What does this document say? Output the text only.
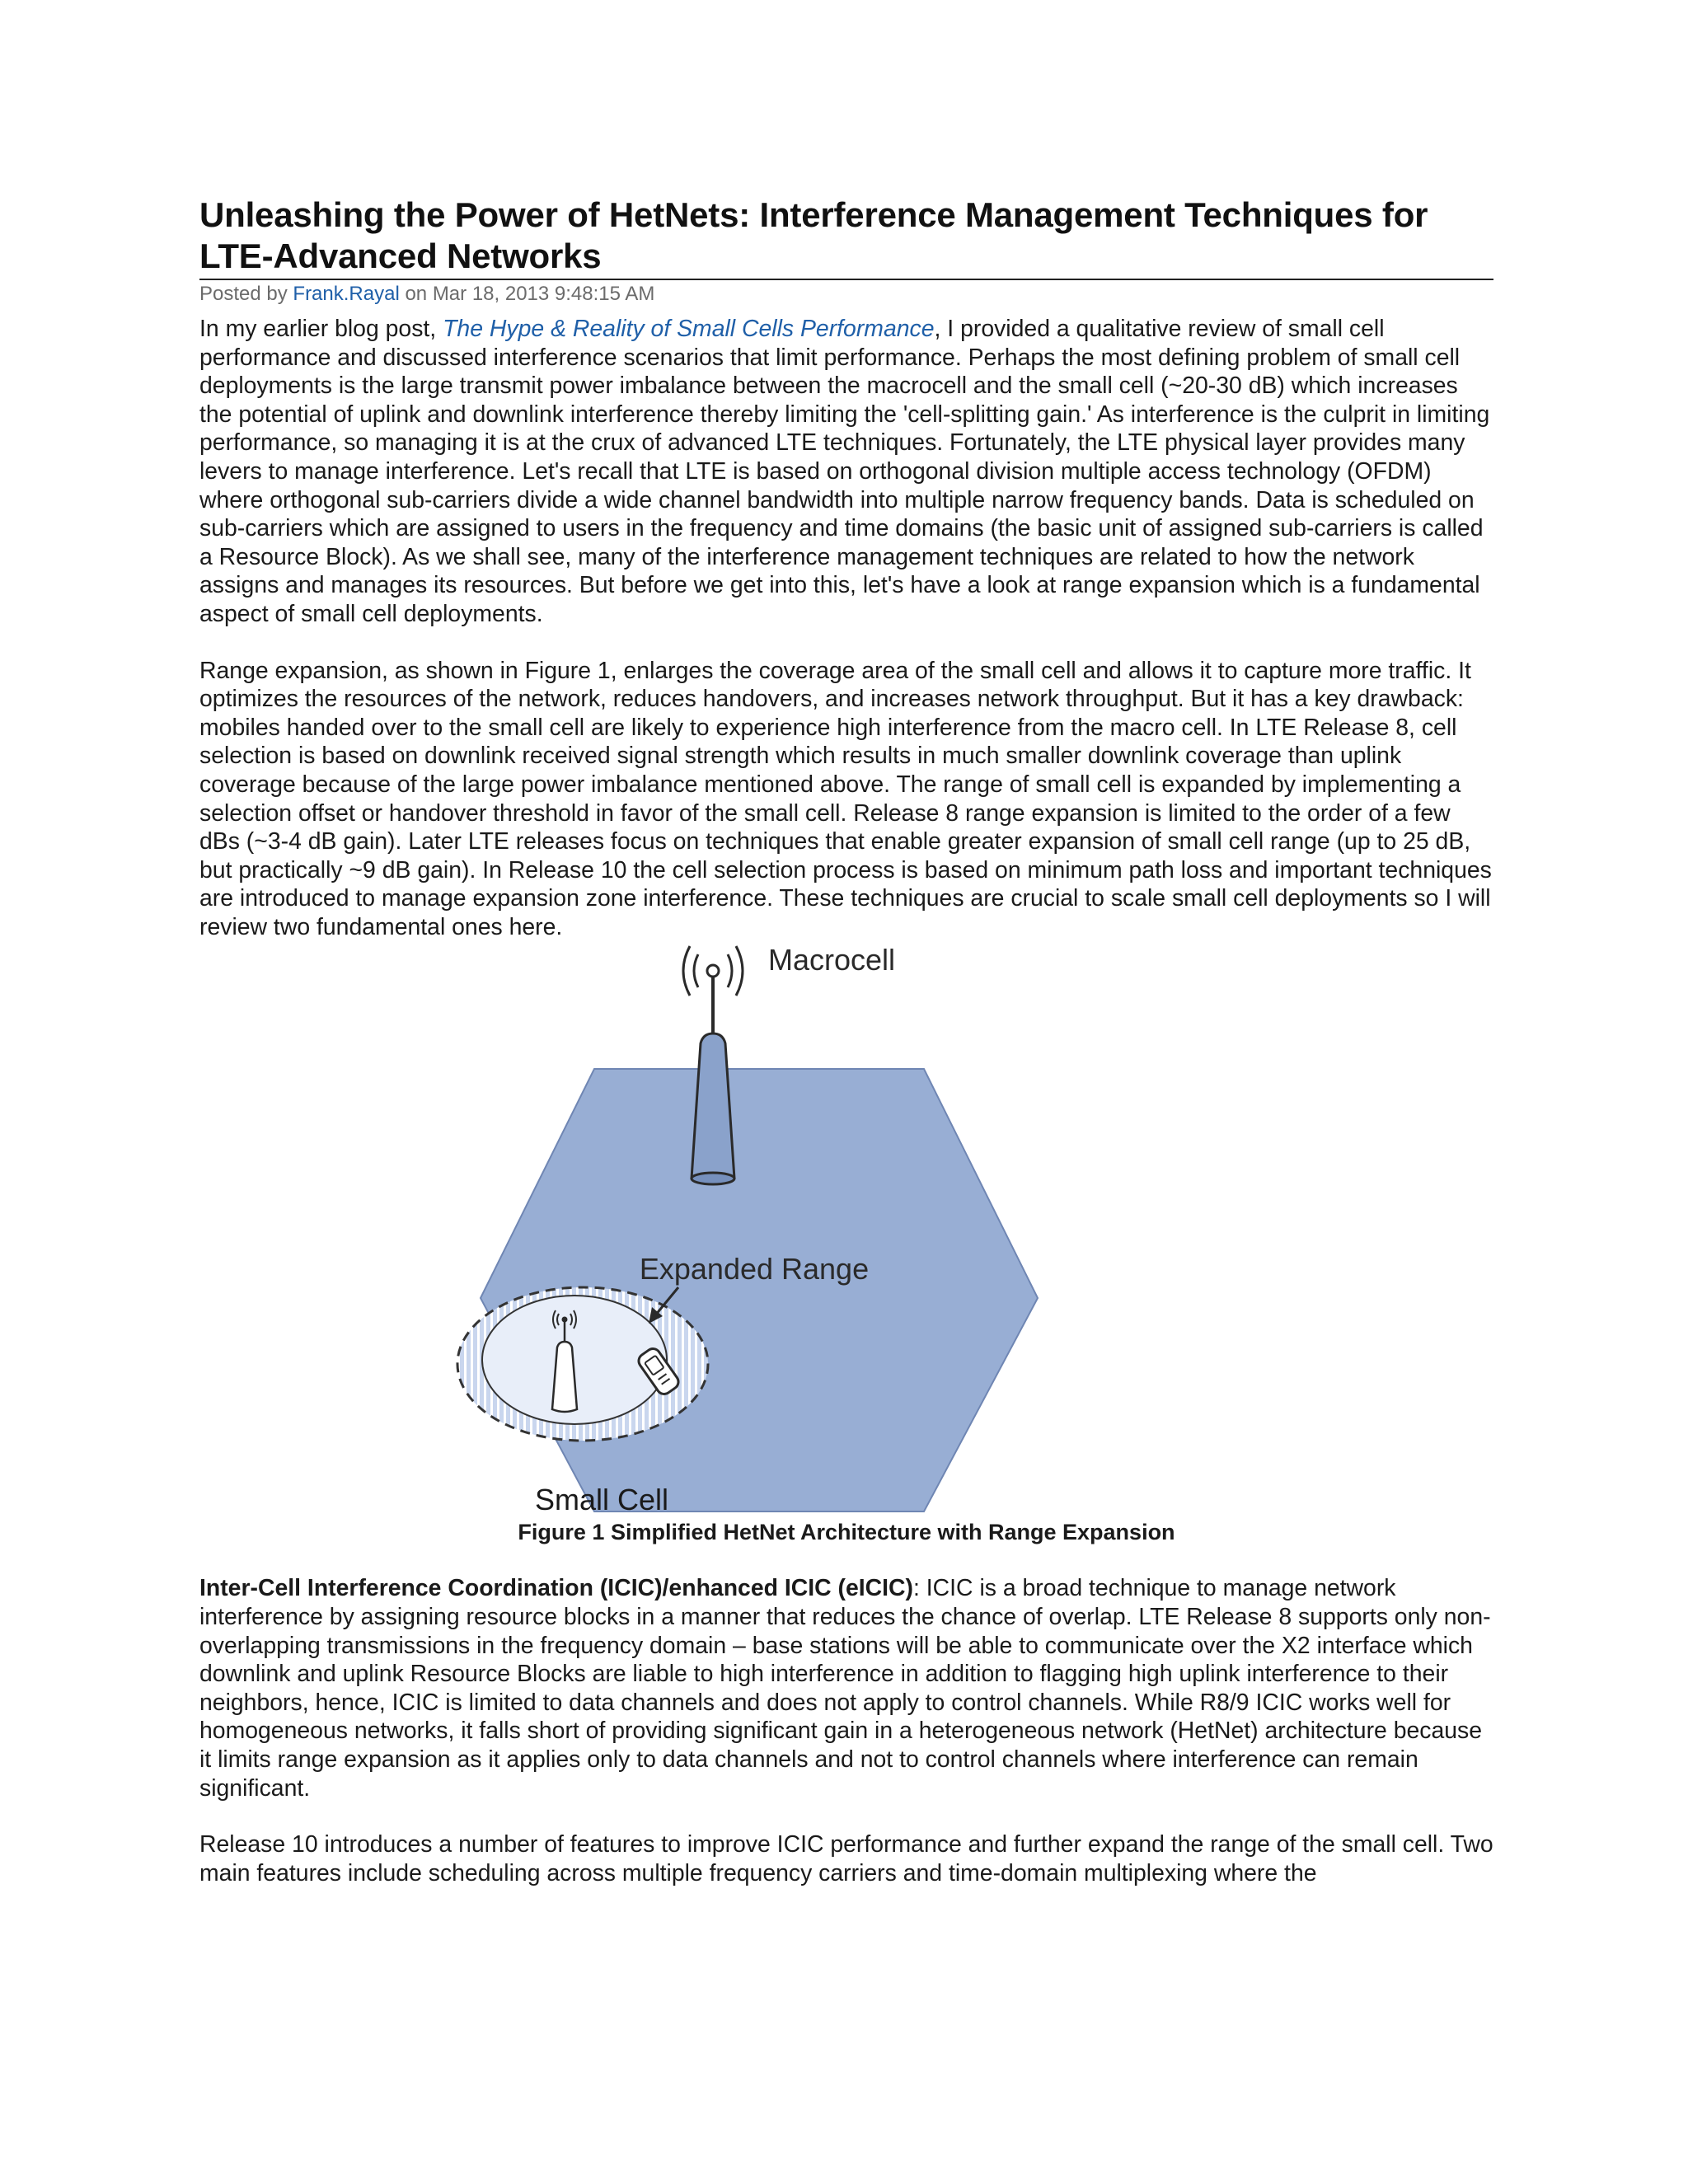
Unleashing the Power of HetNets: Interference Management Techniques for LTE-Advanced Networks
Posted by Frank.Rayal on Mar 18, 2013 9:48:15 AM

In my earlier blog post, The Hype & Reality of Small Cells Performance, I provided a qualitative review of small cell performance and discussed interference scenarios that limit performance. Perhaps the most defining problem of small cell deployments is the large transmit power imbalance between the macrocell and the small cell (~20-30 dB) which increases the potential of uplink and downlink interference thereby limiting the 'cell-splitting gain.' As interference is the culprit in limiting performance, so managing it is at the crux of advanced LTE techniques. Fortunately, the LTE physical layer provides many levers to manage interference. Let's recall that LTE is based on orthogonal division multiple access technology (OFDM) where orthogonal sub-carriers divide a wide channel bandwidth into multiple narrow frequency bands. Data is scheduled on sub-carriers which are assigned to users in the frequency and time domains (the basic unit of assigned sub-carriers is called a Resource Block). As we shall see, many of the interference management techniques are related to how the network assigns and manages its resources. But before we get into this, let's have a look at range expansion which is a fundamental aspect of small cell deployments.

Range expansion, as shown in Figure 1, enlarges the coverage area of the small cell and allows it to capture more traffic. It optimizes the resources of the network, reduces handovers, and increases network throughput. But it has a key drawback: mobiles handed over to the small cell are likely to experience high interference from the macro cell. In LTE Release 8, cell selection is based on downlink received signal strength which results in much smaller downlink coverage than uplink coverage because of the large power imbalance mentioned above. The range of small cell is expanded by implementing a selection offset or handover threshold in favor of the small cell. Release 8 range expansion is limited to the order of a few dBs (~3-4 dB gain). Later LTE releases focus on techniques that enable greater expansion of small cell range (up to 25 dB, but practically ~9 dB gain). In Release 10 the cell selection process is based on minimum path loss and important techniques are introduced to manage expansion zone interference. These techniques are crucial to scale small cell deployments so I will review two fundamental ones here.

Macrocell
Expanded Range
Small Cell

Figure 1 Simplified HetNet Architecture with Range Expansion

Inter-Cell Interference Coordination (ICIC)/enhanced ICIC (eICIC): ICIC is a broad technique to manage network interference by assigning resource blocks in a manner that reduces the chance of overlap. LTE Release 8 supports only non-overlapping transmissions in the frequency domain – base stations will be able to communicate over the X2 interface which downlink and uplink Resource Blocks are liable to high interference in addition to flagging high uplink interference to their neighbors, hence, ICIC is limited to data channels and does not apply to control channels. While R8/9 ICIC works well for homogeneous networks, it falls short of providing significant gain in a heterogeneous network (HetNet) architecture because it limits range expansion as it applies only to data channels and not to control channels where interference can remain significant.

Release 10 introduces a number of features to improve ICIC performance and further expand the range of the small cell. Two main features include scheduling across multiple frequency carriers and time-domain multiplexing where the
